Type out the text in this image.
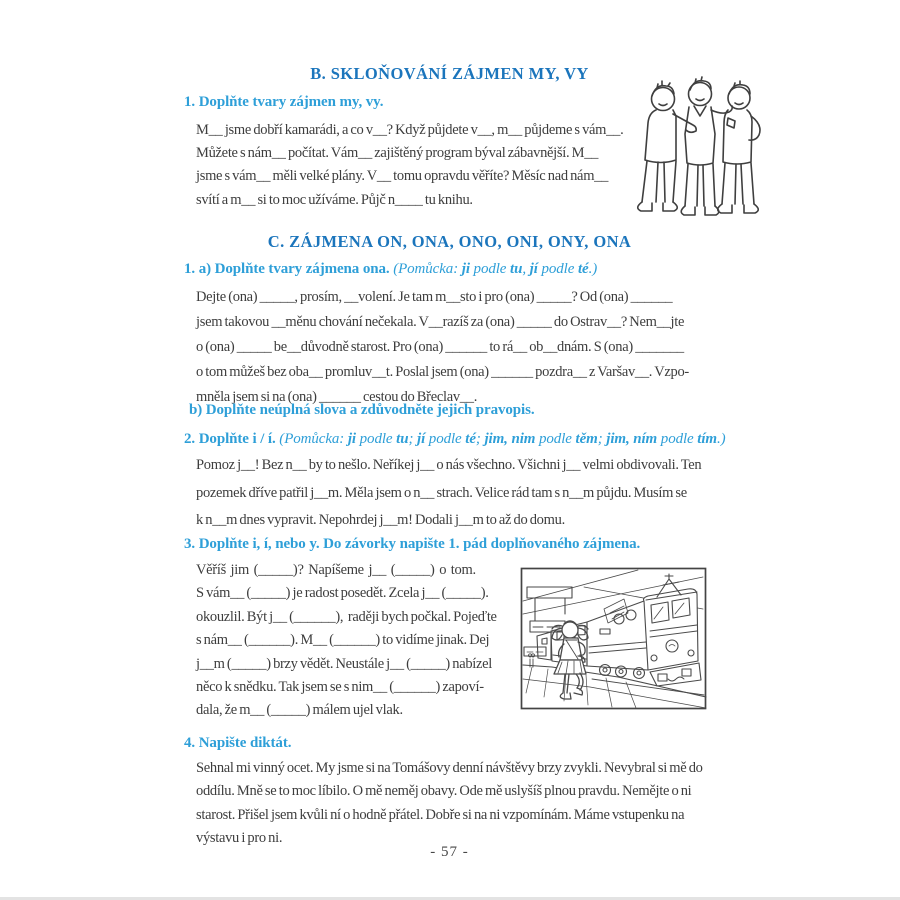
B. SKLOŇOVÁNÍ ZÁJMEN MY, VY
1. Doplňte tvary zájmen my, vy.
M__ jsme dobří kamarádi, a co v__? Když půjdete v__, m__ půjdeme s vám__.
Můžete s nám__ počítat. Vám__ zajištěný program býval zábavnější. M__
jsme s vám__ měli velké plány. V__ tomu opravdu věříte? Měsíc nad nám__
svítí a m__ si to moc užíváme. Půjč n____ tu knihu.
C. ZÁJMENA ON, ONA, ONO, ONI, ONY, ONA
1. a) Doplňte tvary zájmena ona. (Pomůcka: ji podle tu, jí podle té.)
Dejte (ona) _____, prosím, __volení. Je tam m__sto i pro (ona) _____? Od (ona) ______
jsem takovou __měnu chování nečekala. V__razíš za (ona) _____ do Ostrav__? Nem__jte
o (ona) _____ be__důvodně starost. Pro (ona) ______ to rá__ ob__dnám. S (ona) _______
o tom můžeš bez oba__ promluv__t. Poslal jsem (ona) ______ pozdra__ z Varšav__. Vzpo-
mněla jsem si na (ona) ______ cestou do Břeclav__.
b) Doplňte neúplná slova a zdůvodněte jejich pravopis.
2. Doplňte i / í. (Pomůcka: ji podle tu; jí podle té; jim, nim podle těm; jim, ním podle tím.)
Pomoz j__! Bez n__ by to nešlo. Neříkej j__ o nás všechno. Všichni j__ velmi obdivovali. Ten
pozemek dříve patřil j__m. Měla jsem o n__ strach. Velice rád tam s n__m půjdu. Musím se
k n__m dnes vypravit. Nepohrdej j__m! Dodali j__m to až do domu.
3. Doplňte i, í, nebo y. Do závorky napište 1. pád doplňovaného zájmena.
Věříš  jim  (_____)?  Napíšeme  j__  (_____)  o  tom.
S vám__ (_____) je radost posedět. Zcela j__ (_____).
okouzlil. Být j__ (______),  raději bych počkal. Pojeďte
s nám__ (______). M__ (______) to vidíme jinak. Dej
j__m (_____) brzy vědět. Neustále j__ (_____) nabízel
něco k snědku. Tak jsem se s nim__ (______) zapoví-
dala, že m__ (_____) málem ujel vlak.
4. Napište diktát.
Sehnal mi vinný ocet. My jsme si na Tomášovy denní návštěvy brzy zvykli. Nevybral si mě do
oddílu. Mně se to moc líbilo. O mě neměj obavy. Ode mě uslyšíš plnou pravdu. Nemějte o ni
starost. Přišel jsem kvůli ní o hodně přátel. Dobře si na ni vzpomínám. Máme vstupenku na
výstavu i pro ni.
- 57 -
